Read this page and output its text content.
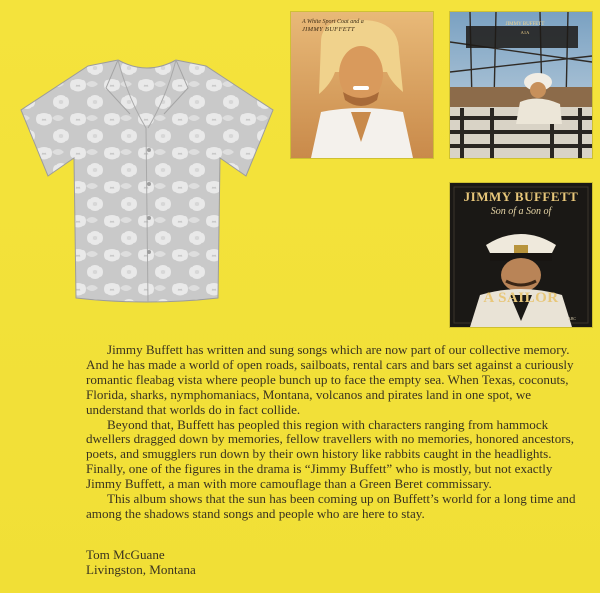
A White Sport Coat and a
JIMMY BUFFETT
JIMMY BUFFETT
A1A
JIMMY BUFFETT
Son of a Son of
A SAILOR
ABC

Jimmy Buffett has written and sung songs which are now part of our collective memory. And he has made a world of open roads, sailboats, rental cars and bars set against a curiously romantic fleabag vista where people bunch up to face the empty sea. When Texas, coconuts, Florida, sharks, nymphomaniacs, Montana, volcanos and pirates land in one spot, we understand that worlds do in fact collide.

Beyond that, Buffett has peopled this region with characters ranging from hammock dwellers dragged down by memories, fellow travellers with no memories, honored ancestors, poets, and smugglers run down by their own history like rabbits caught in the headlights. Finally, one of the figures in the drama is “Jimmy Buffett” who is mostly, but not exactly Jimmy Buffett, a man with more camouflage than a Green Beret commissary.

This album shows that the sun has been coming up on Buffett’s world for a long time and among the shadows stand songs and people who are here to stay.

Tom McGuane
Livingston, Montana
